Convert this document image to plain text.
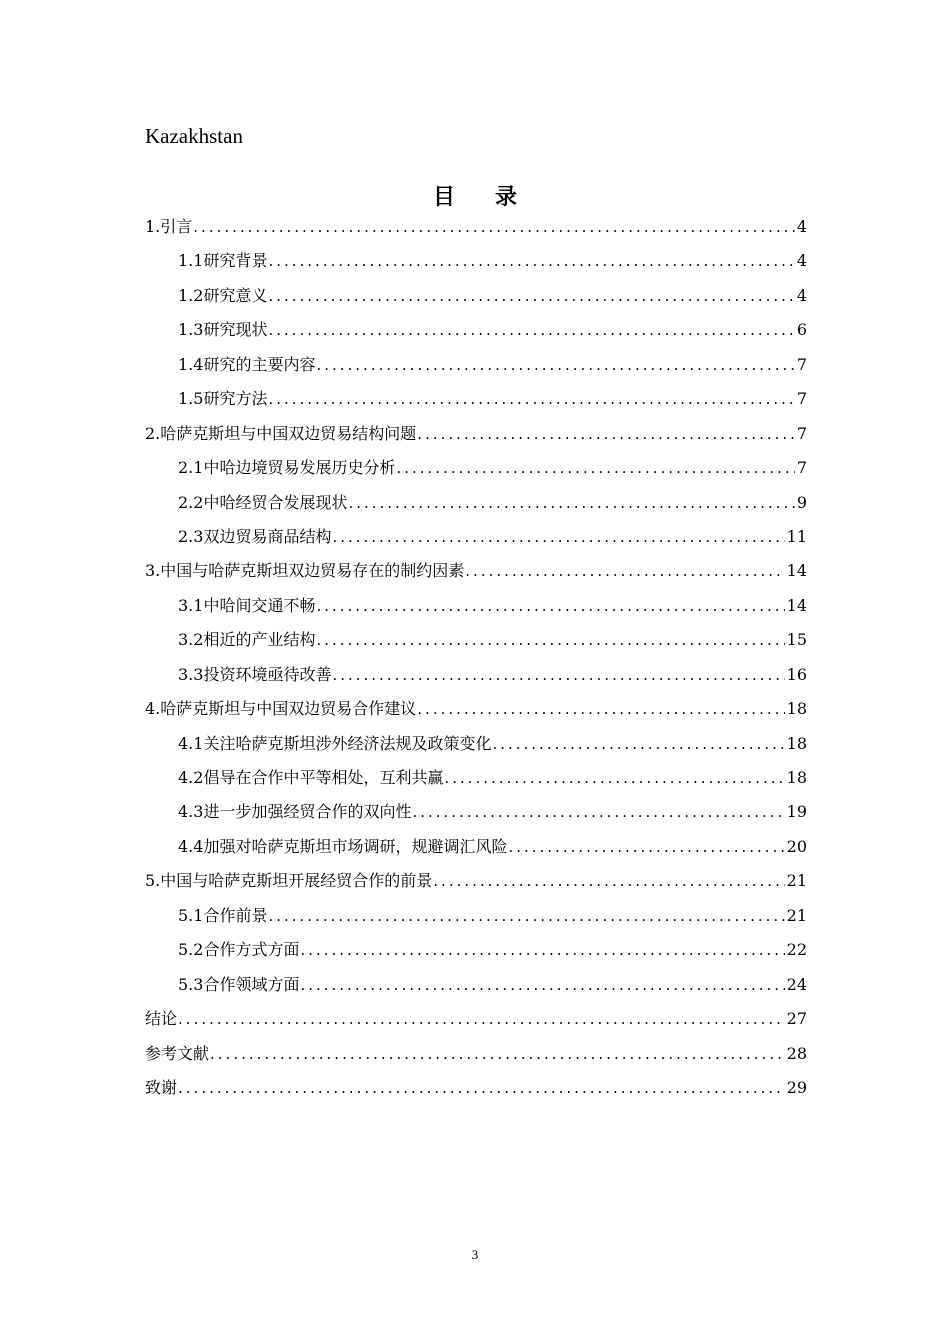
Kazakhstan
目录
1.引言 .....	4
1.1研究背景 .....	4
1.2研究意义 .....	4
1.3研究现状 .....	6
1.4研究的主要内容 .....	7
1.5研究方法 .....	7
2.哈萨克斯坦与中国双边贸易结构问题 .....	7
2.1中哈边境贸易发展历史分析 .....	7
2.2中哈经贸合发展现状 .....	9
2.3双边贸易商品结构 .....	11
3.中国与哈萨克斯坦双边贸易存在的制约因素 .....	14
3.1中哈间交通不畅 .....	14
3.2相近的产业结构 .....	15
3.3投资环境亟待改善 .....	16
4.哈萨克斯坦与中国双边贸易合作建议 .....	18
4.1关注哈萨克斯坦涉外经济法规及政策变化 .....	18
4.2倡导在合作中平等相处，互利共赢 .....	18
4.3进一步加强经贸合作的双向性 .....	19
4.4加强对哈萨克斯坦市场调研，规避调汇风险 .....	20
5.中国与哈萨克斯坦开展经贸合作的前景 .....	21
5.1合作前景 .....	21
5.2合作方式方面 .....	22
5.3合作领域方面 .....	24
结论 .....	27
参考文献 .....	28
致谢 .....	29
3
